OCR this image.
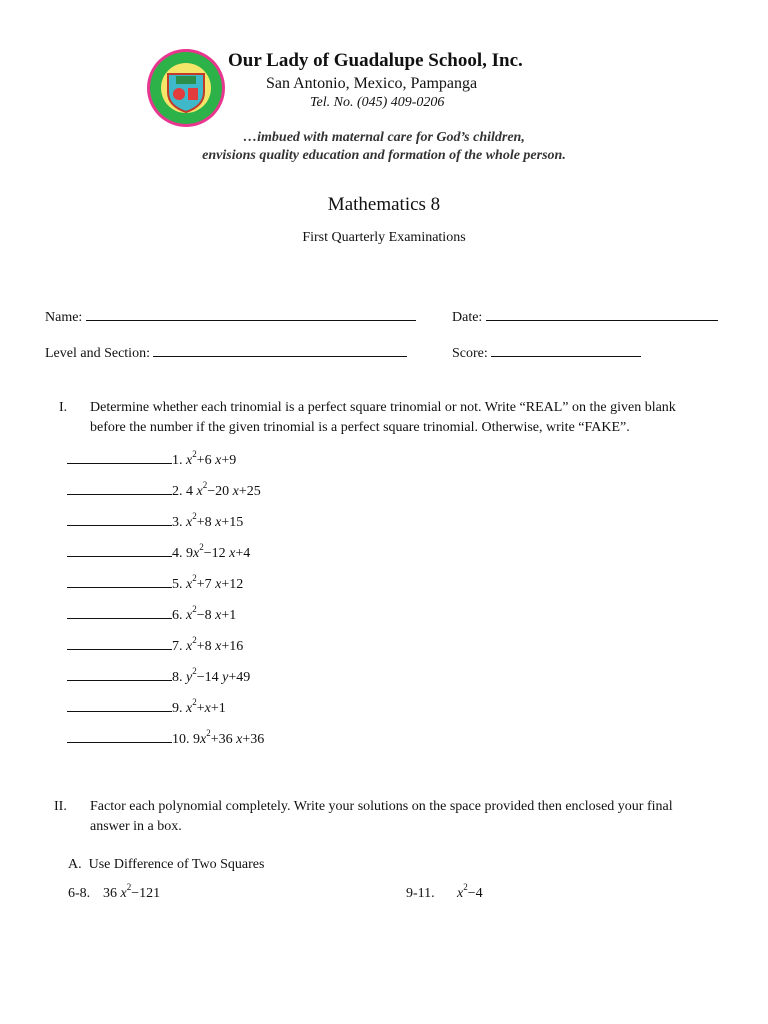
Our Lady of Guadalupe School, Inc.
San Antonio, Mexico, Pampanga
Tel. No. (045) 409-0206
…imbued with maternal care for God’s children,
envisions quality education and formation of the whole person.
Mathematics 8
First Quarterly Examinations
Name:	Date:
Level and Section:	Score:
I. Determine whether each trinomial is a perfect square trinomial or not. Write “REAL” on the given blank
before the number if the given trinomial is a perfect square trinomial. Otherwise, write “FAKE”.
1. $x^2+6$ x+9
2. 4 $x^2-20$ x+25
3. $x^2+8$ x+15
4. $9x^2-12$ x+4
5. $x^2+7$ x+12
6. $x^2-8$ x+1
7. $x^2+8$ x+16
8. $y^2-14$ y+49
9. $x^2+x+1$
10. $9x^2+36$ x+36
II. Factor each polynomial completely. Write your solutions on the space provided then enclosed your final
answer in a box.
A.  Use Difference of Two Squares
6-8. 36 $x^2-121$	9-11. $x^2-4$
